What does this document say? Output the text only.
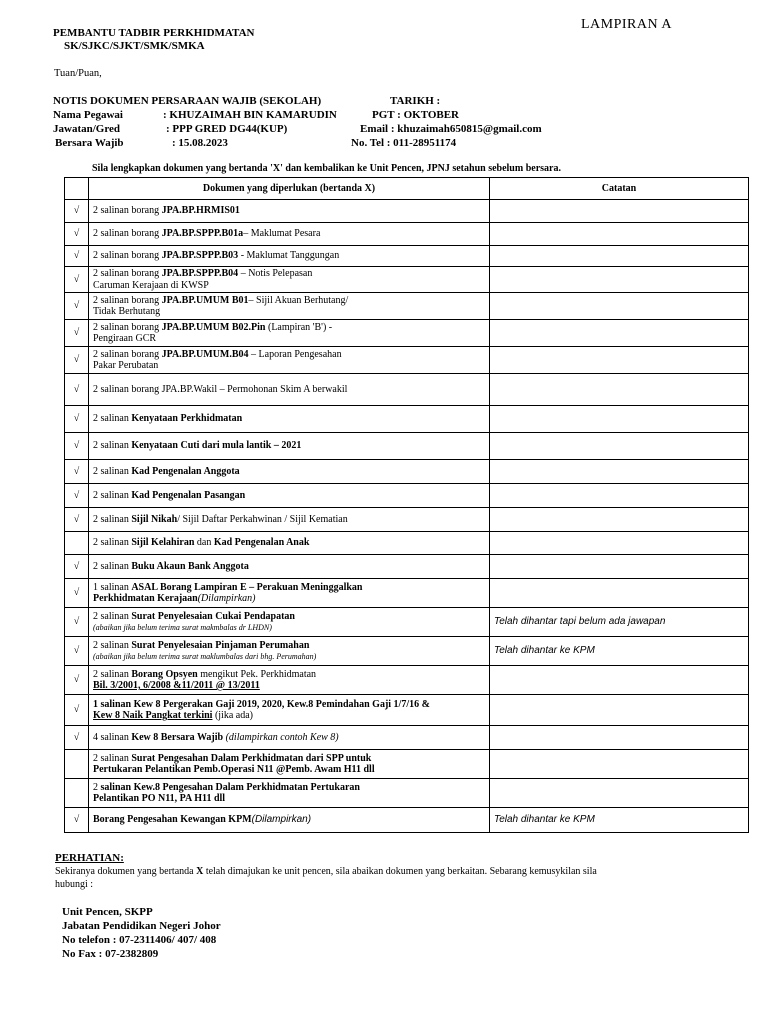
LAMPIRAN A
PEMBANTU TADBIR PERKHIDMATAN
SK/SJKC/SJKT/SMK/SMKA
Tuan/Puan,
NOTIS DOKUMEN PERSARAAN WAJIB (SEKOLAH)	TARIKH :
Nama Pegawai	: KHUZAIMAH BIN KAMARUDIN	PGT : OKTOBER
Jawatan/Gred	: PPP GRED DG44(KUP)	Email : khuzaimah650815@gmail.com
Bersara Wajib	: 15.08.2023	No. Tel : 011-28951174
Sila lengkapkan dokumen yang bertanda 'X' dan kembalikan ke Unit Pencen, JPNJ setahun sebelum bersara.
	Dokumen yang diperlukan (bertanda X)	Catatan
√	2 salinan borang JPA.BP.HRMIS01	
√	2 salinan borang JPA.BP.SPPP.B01a– Maklumat Pesara	
√	2 salinan borang JPA.BP.SPPP.B03 - Maklumat Tanggungan	
√	2 salinan borang JPA.BP.SPPP.B04 – Notis Pelepasan
Caruman Kerajaan di KWSP	
√	2 salinan borang JPA.BP.UMUM B01– Sijil Akuan Berhutang/
Tidak Berhutang	
√	2 salinan borang JPA.BP.UMUM B02.Pin (Lampiran 'B') -
Pengiraan GCR	
√	2 salinan borang JPA.BP.UMUM.B04 – Laporan Pengesahan
Pakar Perubatan	
√	2 salinan borang JPA.BP.Wakil – Permohonan Skim A berwakil	
√	2 salinan Kenyataan Perkhidmatan	
√	2 salinan Kenyataan Cuti dari mula lantik – 2021	
√	2 salinan Kad Pengenalan Anggota	
√	2 salinan Kad Pengenalan Pasangan	
√	2 salinan Sijil Nikah/ Sijil Daftar Perkahwinan / Sijil Kematian	
	2 salinan Sijil Kelahiran dan Kad Pengenalan Anak	
√	2 salinan Buku Akaun Bank Anggota	
√	1 salinan ASAL Borang Lampiran E – Perakuan Meninggalkan
Perkhidmatan Kerajaan(Dilampirkan)	
√	2 salinan Surat Penyelesaian Cukai Pendapatan
(abaikan jika belum terima surat makmbalas dr LHDN)	Telah dihantar tapi belum ada jawapan
√	2 salinan Surat Penyelesaian Pinjaman Perumahan
(abaikan jika belum terima surat maklumbalas dari bhg. Perumahan)	Telah dihantar ke KPM
√	2 salinan Borang Opsyen mengikut Pek. Perkhidmatan
Bil. 3/2001, 6/2008 &11/2011 @ 13/2011	
√	1 salinan Kew 8 Pergerakan Gaji 2019, 2020, Kew.8 Pemindahan Gaji 1/7/16 &
Kew 8 Naik Pangkat terkini (jika ada)	
√	4 salinan Kew 8 Bersara Wajib (dilampirkan contoh Kew 8)	
	2 salinan Surat Pengesahan Dalam Perkhidmatan dari SPP untuk
Pertukaran Pelantikan Pemb.Operasi N11 @Pemb. Awam H11 dll	
	2 salinan Kew.8 Pengesahan Dalam Perkhidmatan Pertukaran
Pelantikan PO N11, PA H11 dll	
√	Borang Pengesahan Kewangan KPM(Dilampirkan)	Telah dihantar ke KPM
PERHATIAN:
Sekiranya dokumen yang bertanda X telah dimajukan ke unit pencen, sila abaikan dokumen yang berkaitan. Sebarang kemusykilan sila
hubungi :
Unit Pencen, SKPP
Jabatan Pendidikan Negeri Johor
No telefon : 07-2311406/ 407/ 408
No Fax : 07-2382809
